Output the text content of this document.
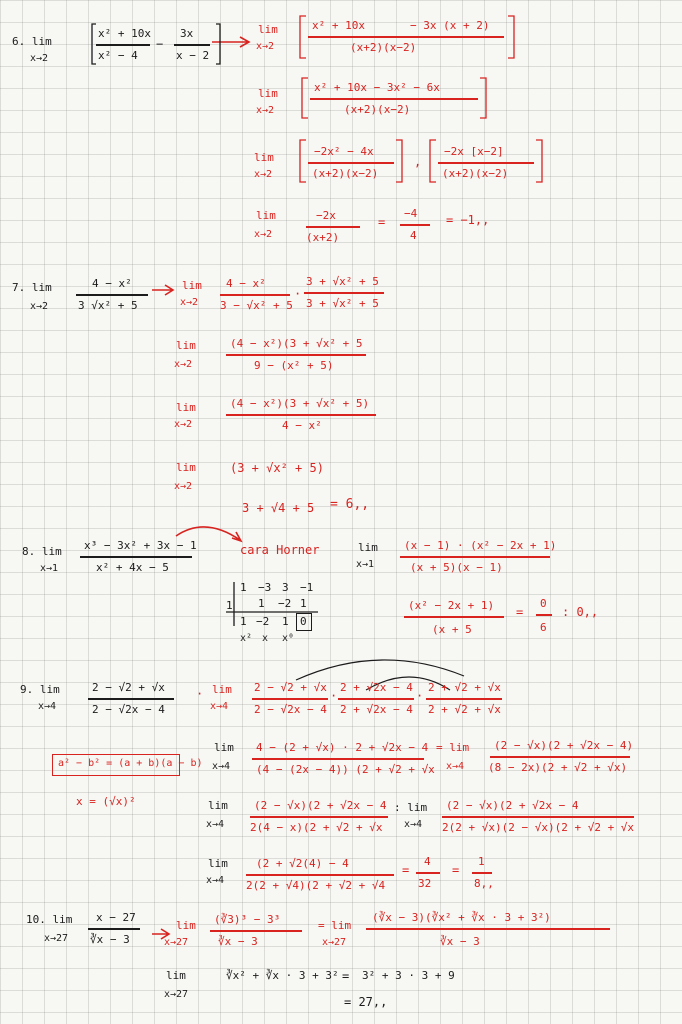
6. lim
x→2
x² + 10x
x² − 4
−
3x
x − 2
lim
x→2
x² + 10x	− 3x (x + 2)
(x+2)(x−2)
lim
x→2
x² + 10x − 3x² − 6x
(x+2)(x−2)
lim
x→2
−2x² − 4x
(x+2)(x−2)
,
−2x [x−2]
(x+2)(x−2)
lim
x→2
−2x
(x+2)
=
−4
4
= −1,,
7. lim
x→2
4 − x²
3 √x² + 5
lim
x→2
4 − x²
3 − √x² + 5
·
3 + √x² + 5
3 + √x² + 5
lim
x→2
(4 − x²)(3 + √x² + 5
9 − (x² + 5)
lim
x→2
(4 − x²)(3 + √x² + 5)
4 − x²
lim
x→2
(3 + √x² + 5)
3 + √4 + 5 = 6,,
8. lim
x→1
x³ − 3x² + 3x − 1
x² + 4x − 5
cara Horner
1 −3 3 −1
1 1 −2 1
1 −2 1 0
x² x x⁰
lim
x→1
(x − 1) · (x² − 2x + 1)
(x + 5)(x − 1)
(x² − 2x + 1)
(x + 5
=
0
6
: 0,,
9. lim
x→4
2 − √2 + √x
2 − √2x − 4
· lim
x→4
2 − √2 + √x
2 − √2x − 4
·
2 + √2x − 4
2 + √2x − 4
·
2 + √2 + √x
2 + √2 + √x
a² − b² = (a + b)(a − b)
x = (√x)²
lim
x→4
4 − (2 + √x) · 2 + √2x − 4
(4 − (2x − 4)) (2 + √2 + √x
= lim
x→4
(2 − √x)(2 + √2x − 4)
(8 − 2x)(2 + √2 + √x)
lim
x→4
(2 − √x)(2 + √2x − 4
2(4 − x)(2 + √2 + √x
: lim
x→4
(2 − √x)(2 + √2x − 4
2(2 + √x)(2 − √x)(2 + √2 + √x
lim
x→4
(2 + √2(4) − 4
2(2 + √4)(2 + √2 + √4
=
4
32
=
1
8,,
10. lim
x→27
x − 27
∛x − 3
lim
x→27
(∛3)³ − 3³
∛x − 3
= lim
x→27
(∛x − 3)(∛x² + ∛x · 3 + 3²)
∛x − 3
lim
x→27
∛x² + ∛x · 3 + 3² = 3² + 3 · 3 + 9
= 27,,
